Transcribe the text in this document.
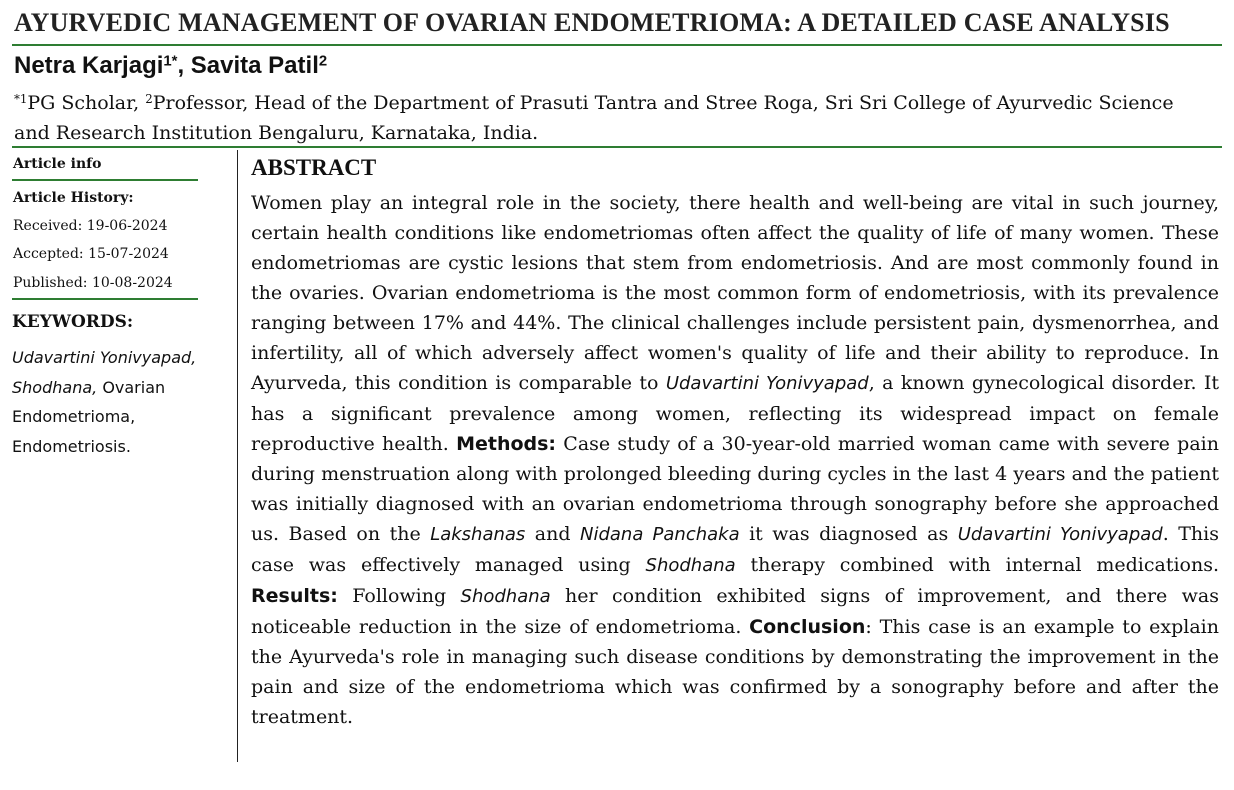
AYURVEDIC MANAGEMENT OF OVARIAN ENDOMETRIOMA: A DETAILED CASE ANALYSIS
Netra Karjagi$^{1*}$, Savita Patil$^2$
$^{*1}$PG Scholar, $^2$Professor, Head of the Department of Prasuti Tantra and Stree Roga, Sri Sri College of Ayurvedic Science and Research Institution Bengaluru, Karnataka, India.
Article info
Article History:
Received: 19-06-2024
Accepted: 15-07-2024
Published: 10-08-2024
KEYWORDS:
Udavartini Yonivyapad, Shodhana, Ovarian Endometrioma, Endometriosis.
ABSTRACT
Women play an integral role in the society, there health and well-being are vital in such journey, certain health conditions like endometriomas often affect the quality of life of many women. These endometriomas are cystic lesions that stem from endometriosis. And are most commonly found in the ovaries. Ovarian endometrioma is the most common form of endometriosis, with its prevalence ranging between 17% and 44%. The clinical challenges include persistent pain, dysmenorrhea, and infertility, all of which adversely affect women's quality of life and their ability to reproduce. In Ayurveda, this condition is comparable to Udavartini Yonivyapad, a known gynecological disorder. It has a significant prevalence among women, reflecting its widespread impact on female reproductive health. Methods: Case study of a 30-year-old married woman came with severe pain during menstruation along with prolonged bleeding during cycles in the last 4 years and the patient was initially diagnosed with an ovarian endometrioma through sonography before she approached us. Based on the Lakshanas and Nidana Panchaka it was diagnosed as Udavartini Yonivyapad. This case was effectively managed using Shodhana therapy combined with internal medications. Results: Following Shodhana her condition exhibited signs of improvement, and there was noticeable reduction in the size of endometrioma. Conclusion: This case is an example to explain the Ayurveda's role in managing such disease conditions by demonstrating the improvement in the pain and size of the endometrioma which was confirmed by a sonography before and after the treatment.
